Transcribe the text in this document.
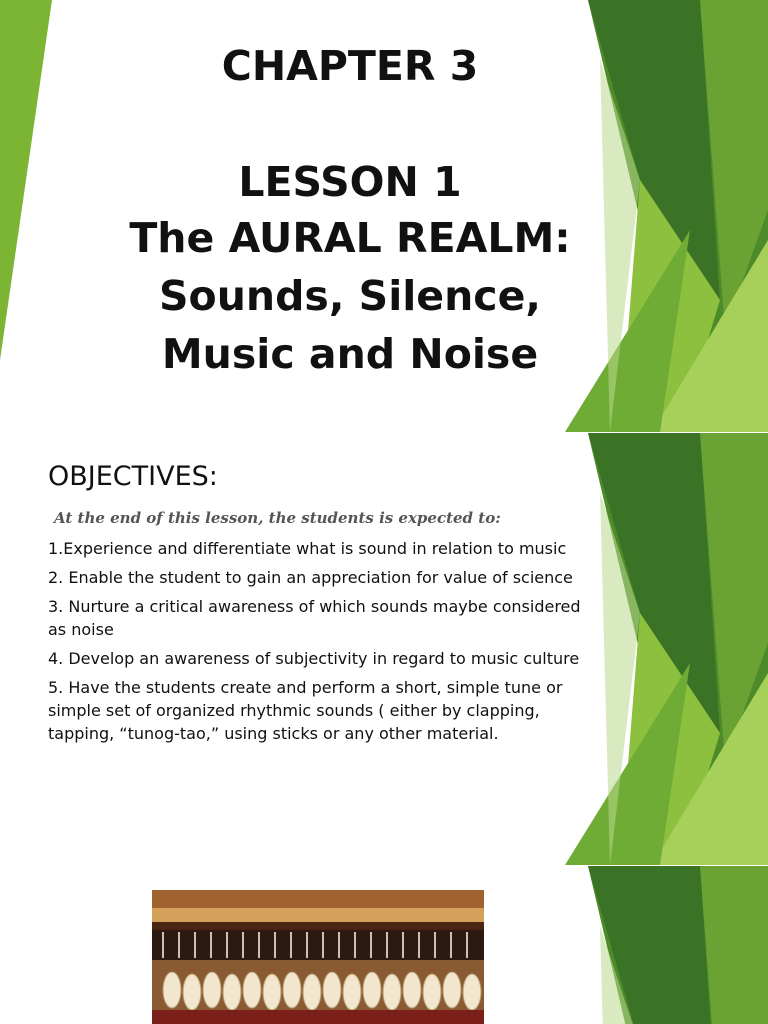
CHAPTER 3
LESSON 1
The AURAL REALM:
Sounds, Silence,
Music and Noise
OBJECTIVES:
At the end of this lesson, the students is expected to:
1.Experience and differentiate what is sound in relation to music
2. Enable the student to gain an appreciation for value of science
3. Nurture a critical awareness of which sounds maybe considered as noise
4. Develop an awareness of subjectivity in regard to music culture
5. Have the students create and perform a short, simple tune or simple set of organized rhythmic sounds ( either by clapping, tapping, “tunog-tao,” using sticks or any other material.
